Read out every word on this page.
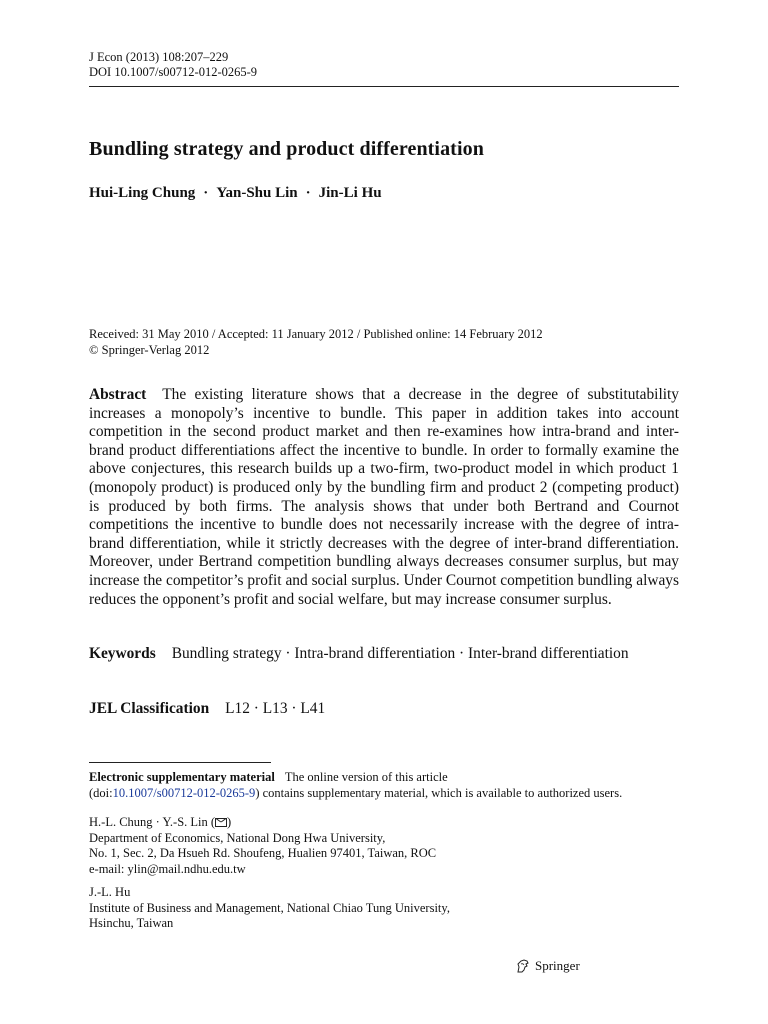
J Econ (2013) 108:207–229
DOI 10.1007/s00712-012-0265-9
Bundling strategy and product differentiation
Hui-Ling Chung · Yan-Shu Lin · Jin-Li Hu
Received: 31 May 2010 / Accepted: 11 January 2012 / Published online: 14 February 2012
© Springer-Verlag 2012
Abstract The existing literature shows that a decrease in the degree of substitutability increases a monopoly’s incentive to bundle. This paper in addition takes into account competition in the second product market and then re-examines how intra-brand and inter-brand product differentiations affect the incentive to bundle. In order to formally examine the above conjectures, this research builds up a two-firm, two-product model in which product 1 (monopoly product) is produced only by the bundling firm and product 2 (competing product) is produced by both firms. The analysis shows that under both Bertrand and Cournot competitions the incentive to bundle does not necessarily increase with the degree of intra-brand differentiation, while it strictly decreases with the degree of inter-brand differentiation. Moreover, under Bertrand competition bundling always decreases consumer surplus, but may increase the competitor’s profit and social surplus. Under Cournot competition bundling always reduces the opponent’s profit and social welfare, but may increase consumer surplus.
Keywords Bundling strategy · Intra-brand differentiation · Inter-brand differentiation
JEL Classification L12 · L13 · L41
Electronic supplementary material The online version of this article
(doi:10.1007/s00712-012-0265-9) contains supplementary material, which is available to authorized users.
H.-L. Chung · Y.-S. Lin ( )
Department of Economics, National Dong Hwa University,
No. 1, Sec. 2, Da Hsueh Rd. Shoufeng, Hualien 97401, Taiwan, ROC
e-mail: ylin@mail.ndhu.edu.tw
J.-L. Hu
Institute of Business and Management, National Chiao Tung University,
Hsinchu, Taiwan
Springer
